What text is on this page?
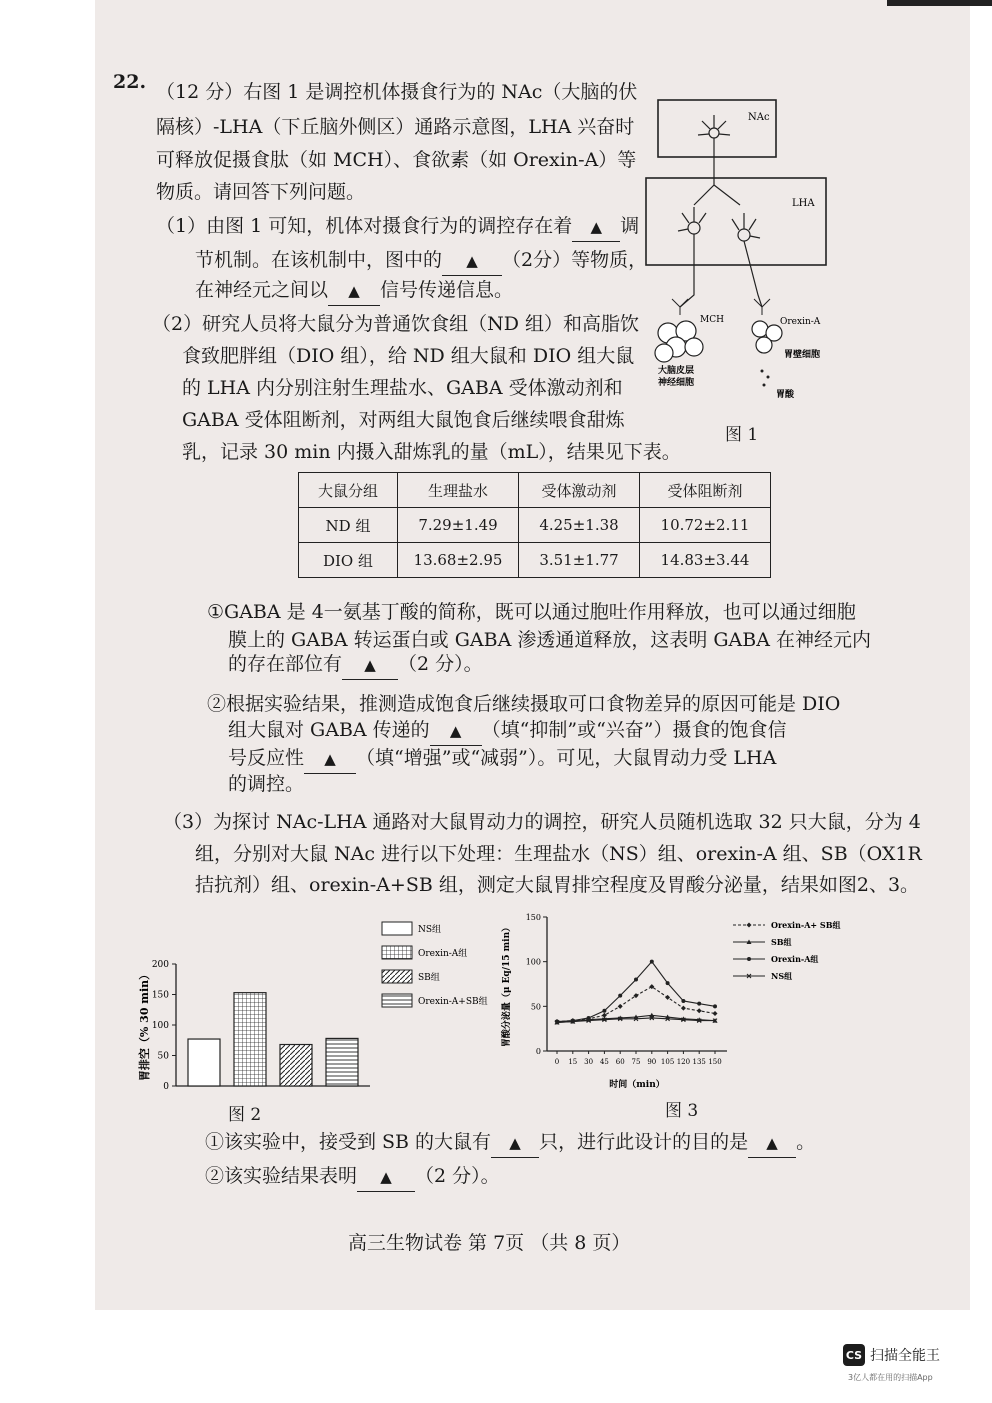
22. （12 分）右图 1 是调控机体摄食行为的 NAc（大脑的伏
隔核）-LHA（下丘脑外侧区）通路示意图，LHA 兴奋时
可释放促摄食肽（如 MCH）、食欲素（如 Orexin-A）等
物质。请回答下列问题。
（1）由图 1 可知，机体对摄食行为的调控存在着 ▲ 调
节机制。在该机制中，图中的 ▲ （2分）等物质，
在神经元之间以 ▲ 信号传递信息。
（2）研究人员将大鼠分为普通饮食组（ND 组）和高脂饮
食致肥胖组（DIO 组），给 ND 组大鼠和 DIO 组大鼠
的 LHA 内分别注射生理盐水、GABA 受体激动剂和
GABA 受体阻断剂，对两组大鼠饱食后继续喂食甜炼
乳，记录 30 min 内摄入甜炼乳的量（mL），结果见下表。
NAc
LHA
MCH	Orexin-A
大脑皮层
神经细胞
胃壁细胞
胃酸
图 1
大鼠分组	生理盐水	受体激动剂	受体阻断剂
ND 组	7.29±1.49	4.25±1.38	10.72±2.11
DIO 组	13.68±2.95	3.51±1.77	14.83±3.44
①GABA 是 4一氨基丁酸的简称，既可以通过胞吐作用释放，也可以通过细胞
膜上的 GABA 转运蛋白或 GABA 渗透通道释放，这表明 GABA 在神经元内
的存在部位有 ▲ （2 分）。
②根据实验结果，推测造成饱食后继续摄取可口食物差异的原因可能是 DIO
组大鼠对 GABA 传递的 ▲ （填“抑制”或“兴奋”）摄食的饱食信
号反应性 ▲ （填“增强”或“减弱”）。可见，大鼠胃动力受 LHA
的调控。
（3）为探讨 NAc-LHA 通路对大鼠胃动力的调控，研究人员随机选取 32 只大鼠，分为 4
组，分别对大鼠 NAc 进行以下处理：生理盐水（NS）组、orexin-A 组、SB（OX1R
拮抗剂）组、orexin-A+SB 组，测定大鼠胃排空程度及胃酸分泌量，结果如图2、3。
0
50
100
150
200
胃排空（% 30 min）
NS组
Orexin-A组
SB组
Orexin-A+SB组
图 2
0
50
100
150
0 15 30 45 60 75 90 105 120 135 150
胃酸分泌量（μ Eq/15 min）
时间（min）
Orexin-A+ SB组
SB组
Orexin-A组
NS组
图 3
①该实验中，接受到 SB 的大鼠有 ▲ 只，进行此设计的目的是 ▲ 。
②该实验结果表明 ▲ （2 分）。
高三生物试卷 第 7页 （共 8 页）
CS 扫描全能王
3亿人都在用的扫描App
